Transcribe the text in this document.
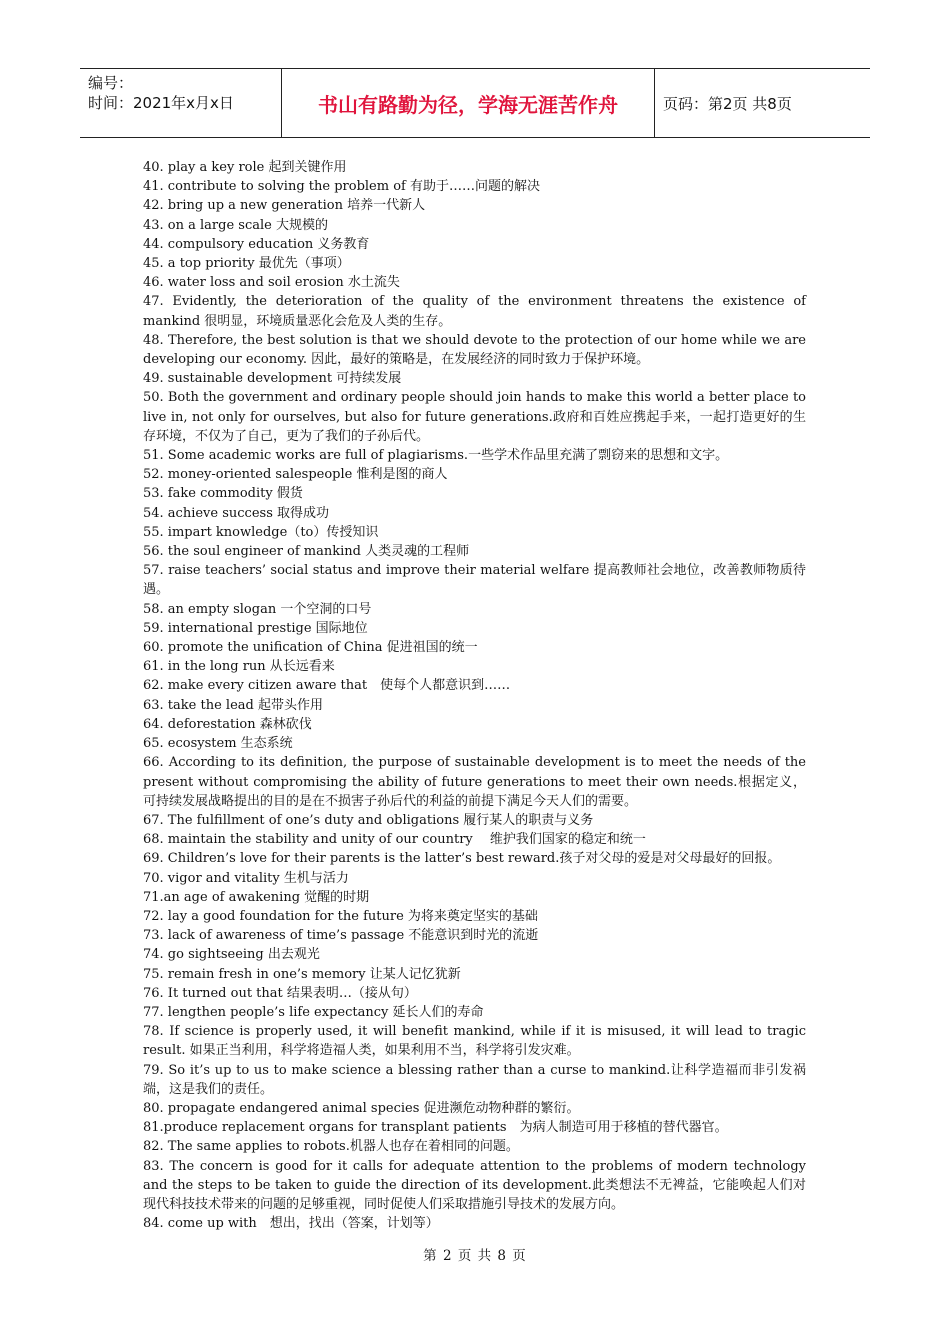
编号：
时间：2021年x月x日	书山有路勤为径，学海无涯苦作舟	页码：第2页 共8页

40. play a key role 起到关键作用

41. contribute to solving the problem of 有助于……问题的解决

42. bring up a new generation 培养一代新人

43. on a large scale 大规模的

44. compulsory education 义务教育

45. a top priority 最优先（事项）

46. water loss and soil erosion 水土流失

47. Evidently, the deterioration of the quality of the environment threatens the existence of mankind 很明显，环境质量恶化会危及人类的生存。

48. Therefore, the best solution is that we should devote to the protection of our home while we are developing our economy. 因此，最好的策略是，在发展经济的同时致力于保护环境。

49. sustainable development 可持续发展

50. Both the government and ordinary people should join hands to make this world a better place to live in, not only for ourselves, but also for future generations.政府和百姓应携起手来，一起打造更好的生存环境，不仅为了自己，更为了我们的子孙后代。

51. Some academic works are full of plagiarisms.一些学术作品里充满了剽窃来的思想和文字。

52. money-oriented salespeople 惟利是图的商人

53. fake commodity 假货

54. achieve success 取得成功

55. impart knowledge（to）传授知识

56. the soul engineer of mankind 人类灵魂的工程师

57. raise teachers’ social status and improve their material welfare 提高教师社会地位，改善教师物质待遇。

58. an empty slogan 一个空洞的口号

59. international prestige 国际地位

60. promote the unification of China 促进祖国的统一

61. in the long run 从长远看来

62. make every citizen aware that　使每个人都意识到……

63. take the lead 起带头作用

64. deforestation 森林砍伐

65. ecosystem 生态系统

66. According to its definition, the purpose of sustainable development is to meet the needs of the present without compromising the ability of future generations to meet their own needs.根据定义，可持续发展战略提出的目的是在不损害子孙后代的利益的前提下满足今天人们的需要。

67. The fulfillment of one’s duty and obligations 履行某人的职责与义务

68. maintain the stability and unity of our country　 维护我们国家的稳定和统一

69. Children’s love for their parents is the latter’s best reward.孩子对父母的爱是对父母最好的回报。

70. vigor and vitality 生机与活力

71.an age of awakening 觉醒的时期

72. lay a good foundation for the future 为将来奠定坚实的基础

73. lack of awareness of time’s passage 不能意识到时光的流逝

74. go sightseeing 出去观光

75. remain fresh in one’s memory 让某人记忆犹新

76. It turned out that 结果表明…（接从句）

77. lengthen people’s life expectancy 延长人们的寿命

78. If science is properly used, it will benefit mankind, while if it is misused, it will lead to tragic result. 如果正当利用，科学将造福人类，如果利用不当，科学将引发灾难。

79. So it’s up to us to make science a blessing rather than a curse to mankind.让科学造福而非引发祸端，这是我们的责任。

80. propagate endangered animal species 促进濒危动物种群的繁衍。

81.produce replacement organs for transplant patients　为病人制造可用于移植的替代器官。

82. The same applies to robots.机器人也存在着相同的问题。

83. The concern is good for it calls for adequate attention to the problems of modern technology and the steps to be taken to guide the direction of its development.此类想法不无裨益，它能唤起人们对现代科技技术带来的问题的足够重视，同时促使人们采取措施引导技术的发展方向。

84. come up with　想出，找出（答案，计划等）

第 2 页 共 8 页
